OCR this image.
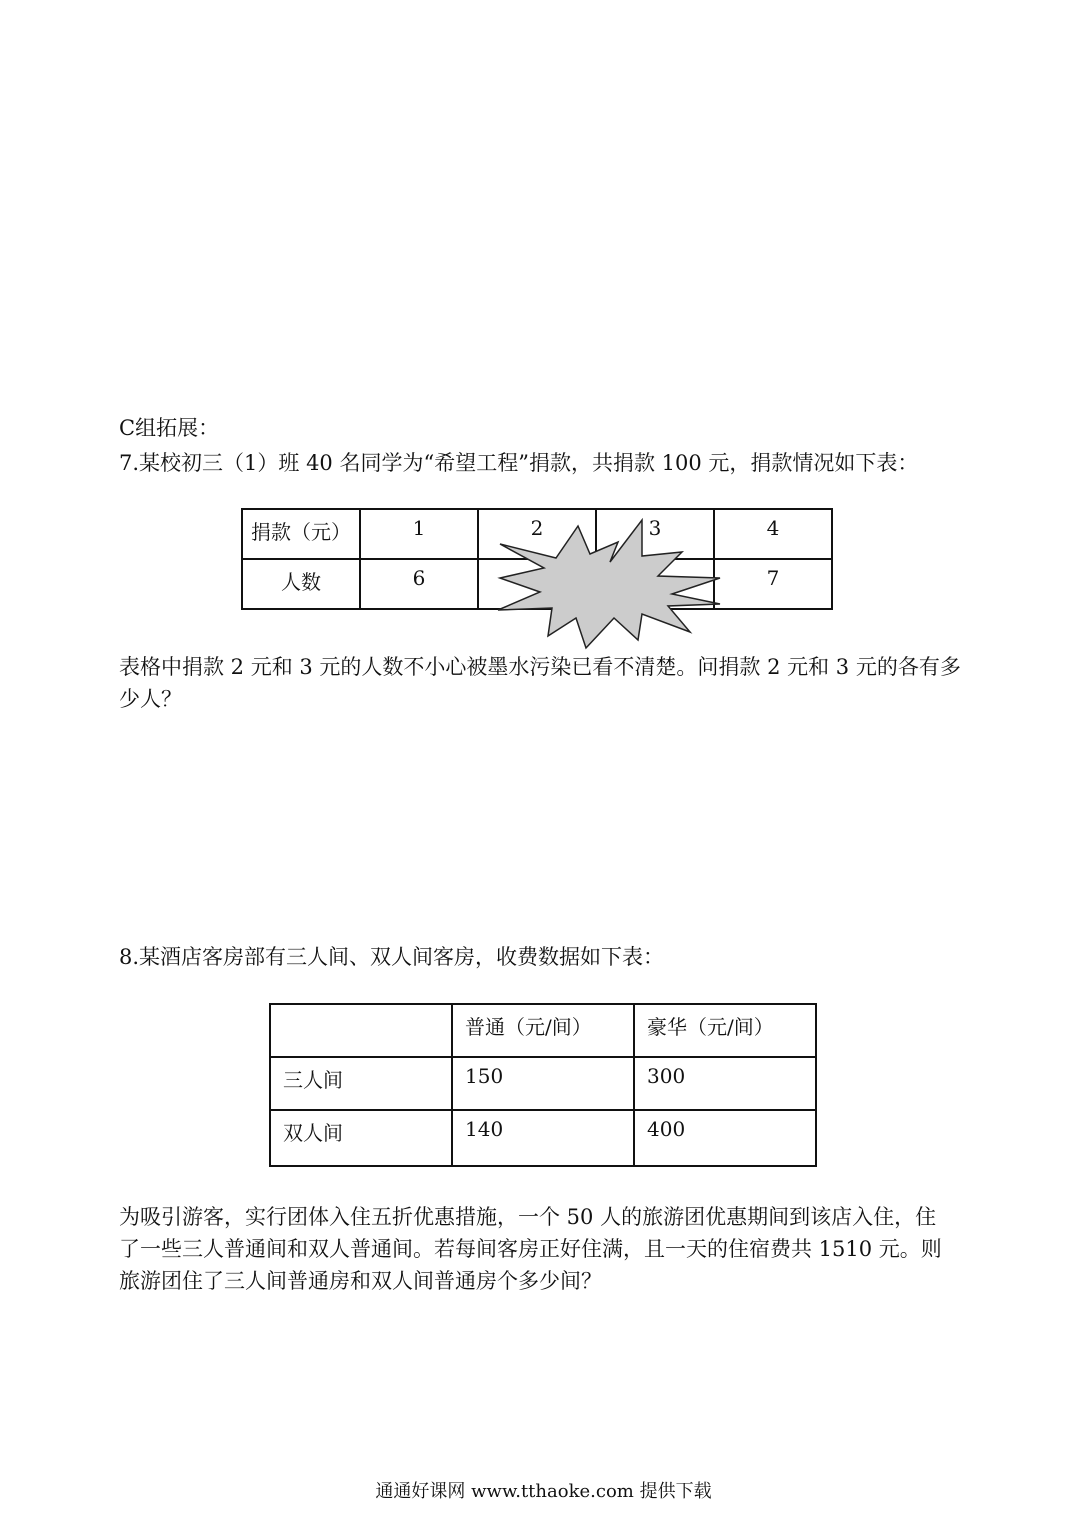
C组拓展：
7.某校初三（1）班 40 名同学为“希望工程”捐款，共捐款 100 元，捐款情况如下表：
捐款（元）	1	2	3	4
人数	6			7
表格中捐款 2 元和 3 元的人数不小心被墨水污染已看不清楚。问捐款 2 元和 3 元的各有多
少人？
8.某酒店客房部有三人间、双人间客房，收费数据如下表：
	普通（元/间）	豪华（元/间）
三人间	150	300
双人间	140	400
为吸引游客，实行团体入住五折优惠措施，一个 50 人的旅游团优惠期间到该店入住，住
了一些三人普通间和双人普通间。若每间客房正好住满，且一天的住宿费共 1510 元。则
旅游团住了三人间普通房和双人间普通房个多少间？
通通好课网 www.tthaoke.com 提供下载
